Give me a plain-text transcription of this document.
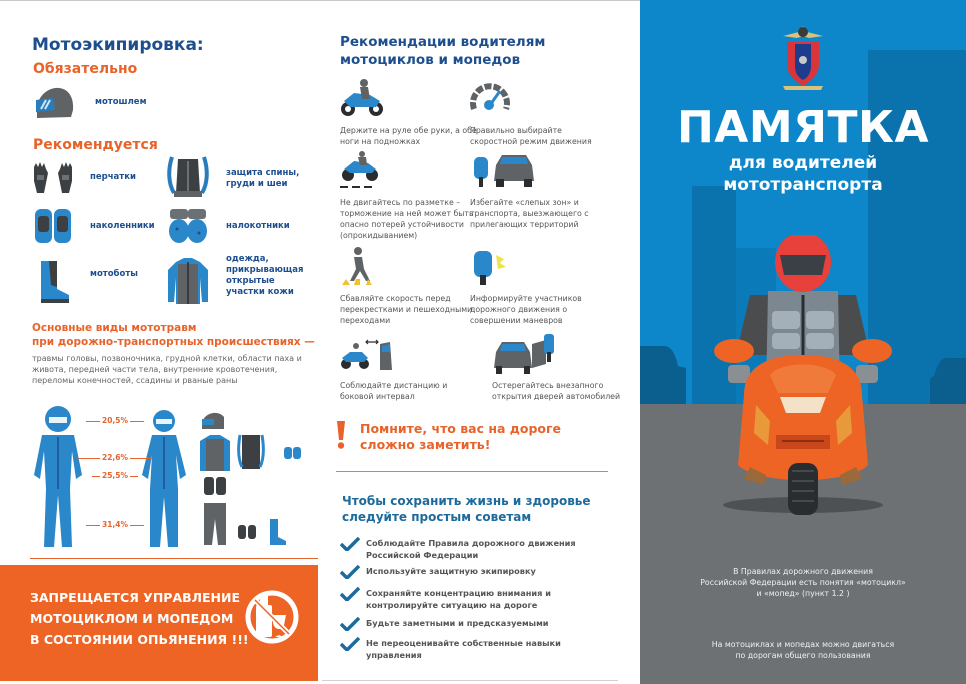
Мотоэкипировка:
Обязательно
мотошлем
Рекомендуется
перчатки	защита спины, груди и шеи
наколенники	налокотники
мотоботы
одежда, прикрывающая открытые участки кожи
Основные виды мототравм
при дорожно-транспортных происшествиях —
травмы головы, позвоночника, грудной клетки, области паха и живота, передней части тела, внутренние кровотечения, переломы конечностей, ссадины и рваные раны
20,5%
22,6%
25,5%
31,4%
ЗАПРЕЩАЕТСЯ УПРАВЛЕНИЕ
МОТОЦИКЛОМ И МОПЕДОМ
В СОСТОЯНИИ ОПЬЯНЕНИЯ !!!
Рекомендации водителям
мотоциклов и мопедов
Держите на руле обе руки, а обе ноги на подножках
Правильно выбирайте скоростной режим движения
Не двигайтесь по разметке – торможение на ней может быть опасно потерей устойчивости (опрокидыванием)
Избегайте «слепых зон» и транспорта, выезжающего с прилегающих территорий
Сбавляйте скорость перед перекрестками и пешеходными переходами
Информируйте участников дорожного движения о совершении маневров
Соблюдайте дистанцию и боковой интервал
Остерегайтесь внезапного открытия дверей автомобилей
Помните, что вас на дороге
сложно заметить!
Чтобы сохранить жизнь и здоровье
следуйте простым советам
Соблюдайте Правила дорожного движения Российской Федерации
Используйте защитную экипировку
Сохраняйте концентрацию внимания и контролируйте ситуацию на дороге
Будьте заметными и предсказуемыми
Не переоценивайте собственные навыки управления
ПАМЯТКА
для водителей
мототранспорта
В Правилах дорожного движения
Российской Федерации есть понятия «мотоцикл»
и «мопед» (пункт 1.2 )
На мотоциклах и мопедах можно двигаться
по дорогам общего пользования
